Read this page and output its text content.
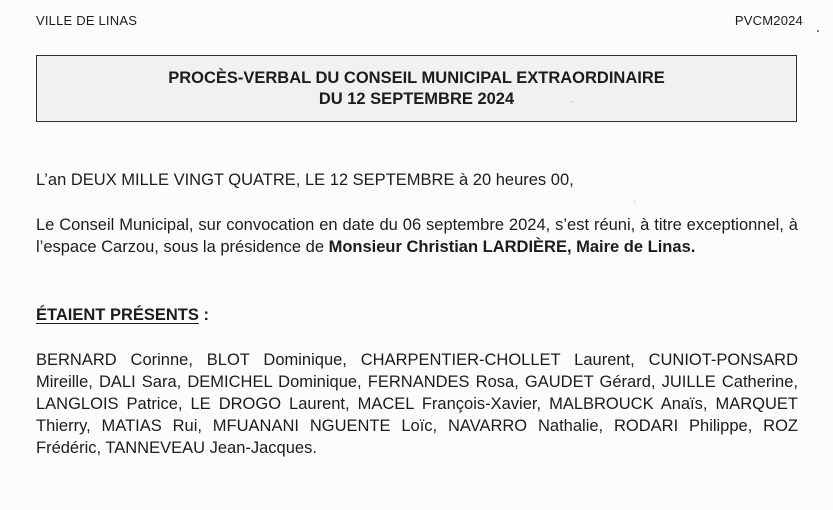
VILLE DE LINAS	PVCM2024
PROCÈS-VERBAL DU CONSEIL MUNICIPAL EXTRAORDINAIRE
DU 12 SEPTEMBRE 2024
L’an DEUX MILLE VINGT QUATRE, LE 12 SEPTEMBRE à 20 heures 00,
Le Conseil Municipal, sur convocation en date du 06 septembre 2024, s’est réuni, à titre exceptionnel, à l’espace Carzou, sous la présidence de Monsieur Christian LARDIÈRE, Maire de Linas.
ÉTAIENT PRÉSENTS :
BERNARD Corinne, BLOT Dominique, CHARPENTIER-CHOLLET Laurent, CUNIOT-PONSARD Mireille, DALI Sara, DEMICHEL Dominique, FERNANDES Rosa, GAUDET Gérard, JUILLE Catherine, LANGLOIS Patrice, LE DROGO Laurent, MACEL François-Xavier, MALBROUCK Anaïs, MARQUET Thierry, MATIAS Rui, MFUANANI NGUENTE Loïc, NAVARRO Nathalie, RODARI Philippe, ROZ Frédéric, TANNEVEAU Jean-Jacques.
